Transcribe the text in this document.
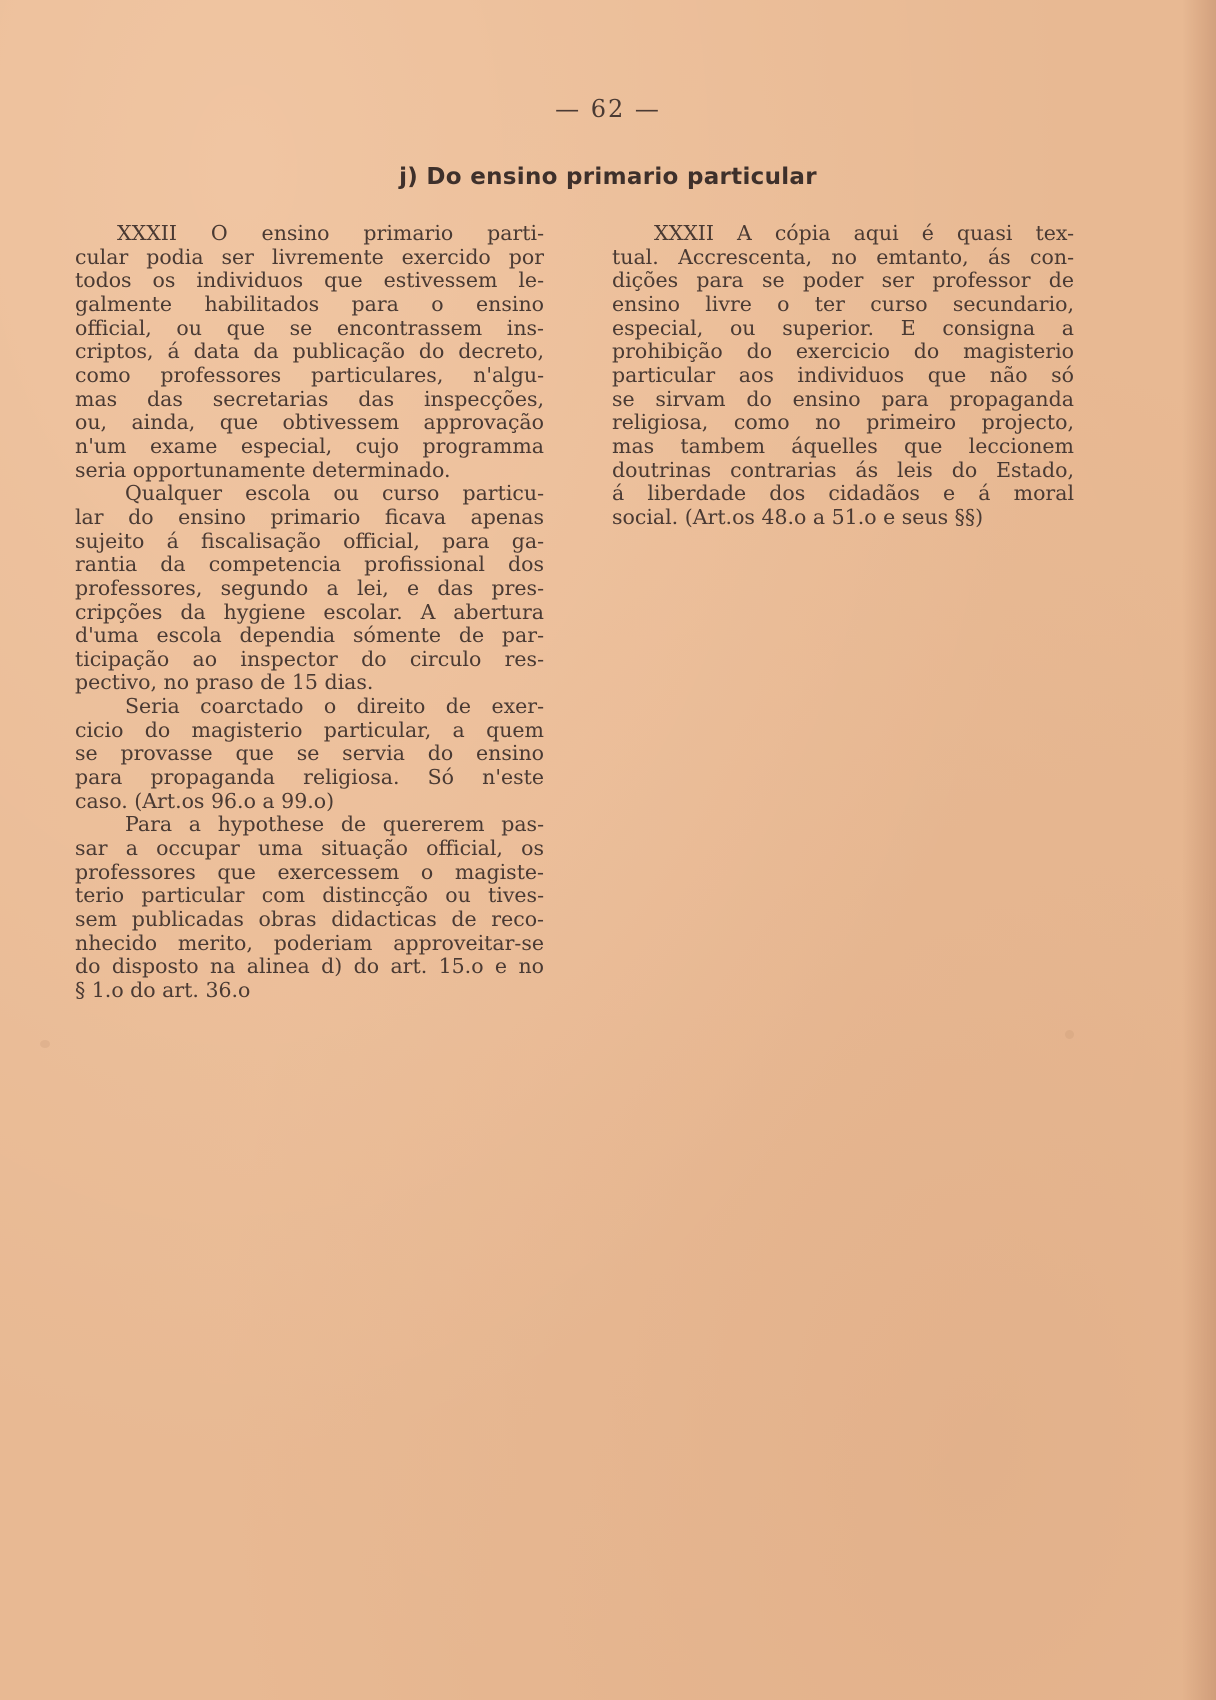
— 62 —
j) Do ensino primario particular
XXXII O ensino primario parti-
cular podia ser livremente exercido por
todos os individuos que estivessem le-
galmente habilitados para o ensino
official, ou que se encontrassem ins-
criptos, á data da publicação do decreto,
como professores particulares, n'algu-
mas das secretarias das inspecções,
ou, ainda, que obtivessem approvação
n'um exame especial, cujo programma
seria opportunamente determinado.
Qualquer escola ou curso particu-
lar do ensino primario ficava apenas
sujeito á fiscalisação official, para ga-
rantia da competencia profissional dos
professores, segundo a lei, e das pres-
cripções da hygiene escolar. A abertura
d'uma escola dependia sómente de par-
ticipação ao inspector do circulo res-
pectivo, no praso de 15 dias.
Seria coarctado o direito de exer-
cicio do magisterio particular, a quem
se provasse que se servia do ensino
para propaganda religiosa. Só n'este
caso. (Art.os 96.o a 99.o)
Para a hypothese de quererem pas-
sar a occupar uma situação official, os
professores que exercessem o magiste-
terio particular com distincção ou tives-
sem publicadas obras didacticas de reco-
nhecido merito, poderiam approveitar-se
do disposto na alinea d) do art. 15.o e no
§ 1.o do art. 36.o
XXXII A cópia aqui é quasi tex-
tual. Accrescenta, no emtanto, ás con-
dições para se poder ser professor de
ensino livre o ter curso secundario,
especial, ou superior. E consigna a
prohibição do exercicio do magisterio
particular aos individuos que não só
se sirvam do ensino para propaganda
religiosa, como no primeiro projecto,
mas tambem áquelles que leccionem
doutrinas contrarias ás leis do Estado,
á liberdade dos cidadãos e á moral
social. (Art.os 48.o a 51.o e seus §§)
